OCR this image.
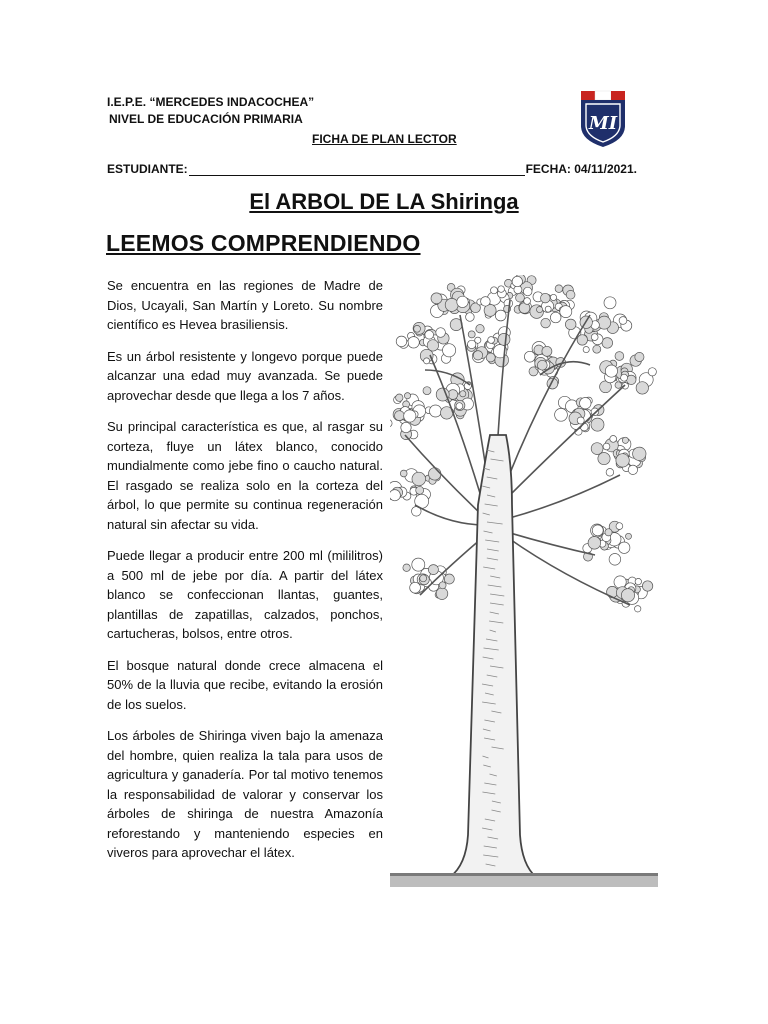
I.E.P.E. “MERCEDES INDACOCHEA”
NIVEL DE EDUCACIÓN PRIMARIA
FICHA DE PLAN LECTOR
ESTUDIANTE:	FECHA: 04/11/2021.
MI
El ARBOL DE LA Shiringa
LEEMOS COMPRENDIENDO

Se encuentra en las regiones de Madre de Dios, Ucayali, San Martín y Loreto. Su nombre científico es Hevea brasiliensis.

Es un árbol resistente y longevo porque puede alcanzar una edad muy avanzada. Se puede aprovechar desde que llega a los 7 años.

Su principal característica es que, al rasgar su corteza, fluye un látex blanco, conocido mundialmente como jebe fino o caucho natural. El rasgado se realiza solo en la corteza del árbol, lo que permite su continua regeneración natural sin afectar su vida.

Puede llegar a producir entre 200 ml (mililitros) a 500 ml de jebe por día. A partir del látex blanco se confeccionan llantas, guantes, plantillas de zapatillas, calzados, ponchos, cartucheras, bolsos, entre otros.

El bosque natural donde crece almacena el 50% de la lluvia que recibe, evitando la erosión de los suelos.

Los árboles de Shiringa viven bajo la amenaza del hombre, quien realiza la tala para usos de agricultura y ganadería. Por tal motivo tenemos la responsabilidad de valorar y conservar los árboles de shiringa de nuestra Amazonía reforestando y manteniendo especies en viveros para aprovechar el látex.
